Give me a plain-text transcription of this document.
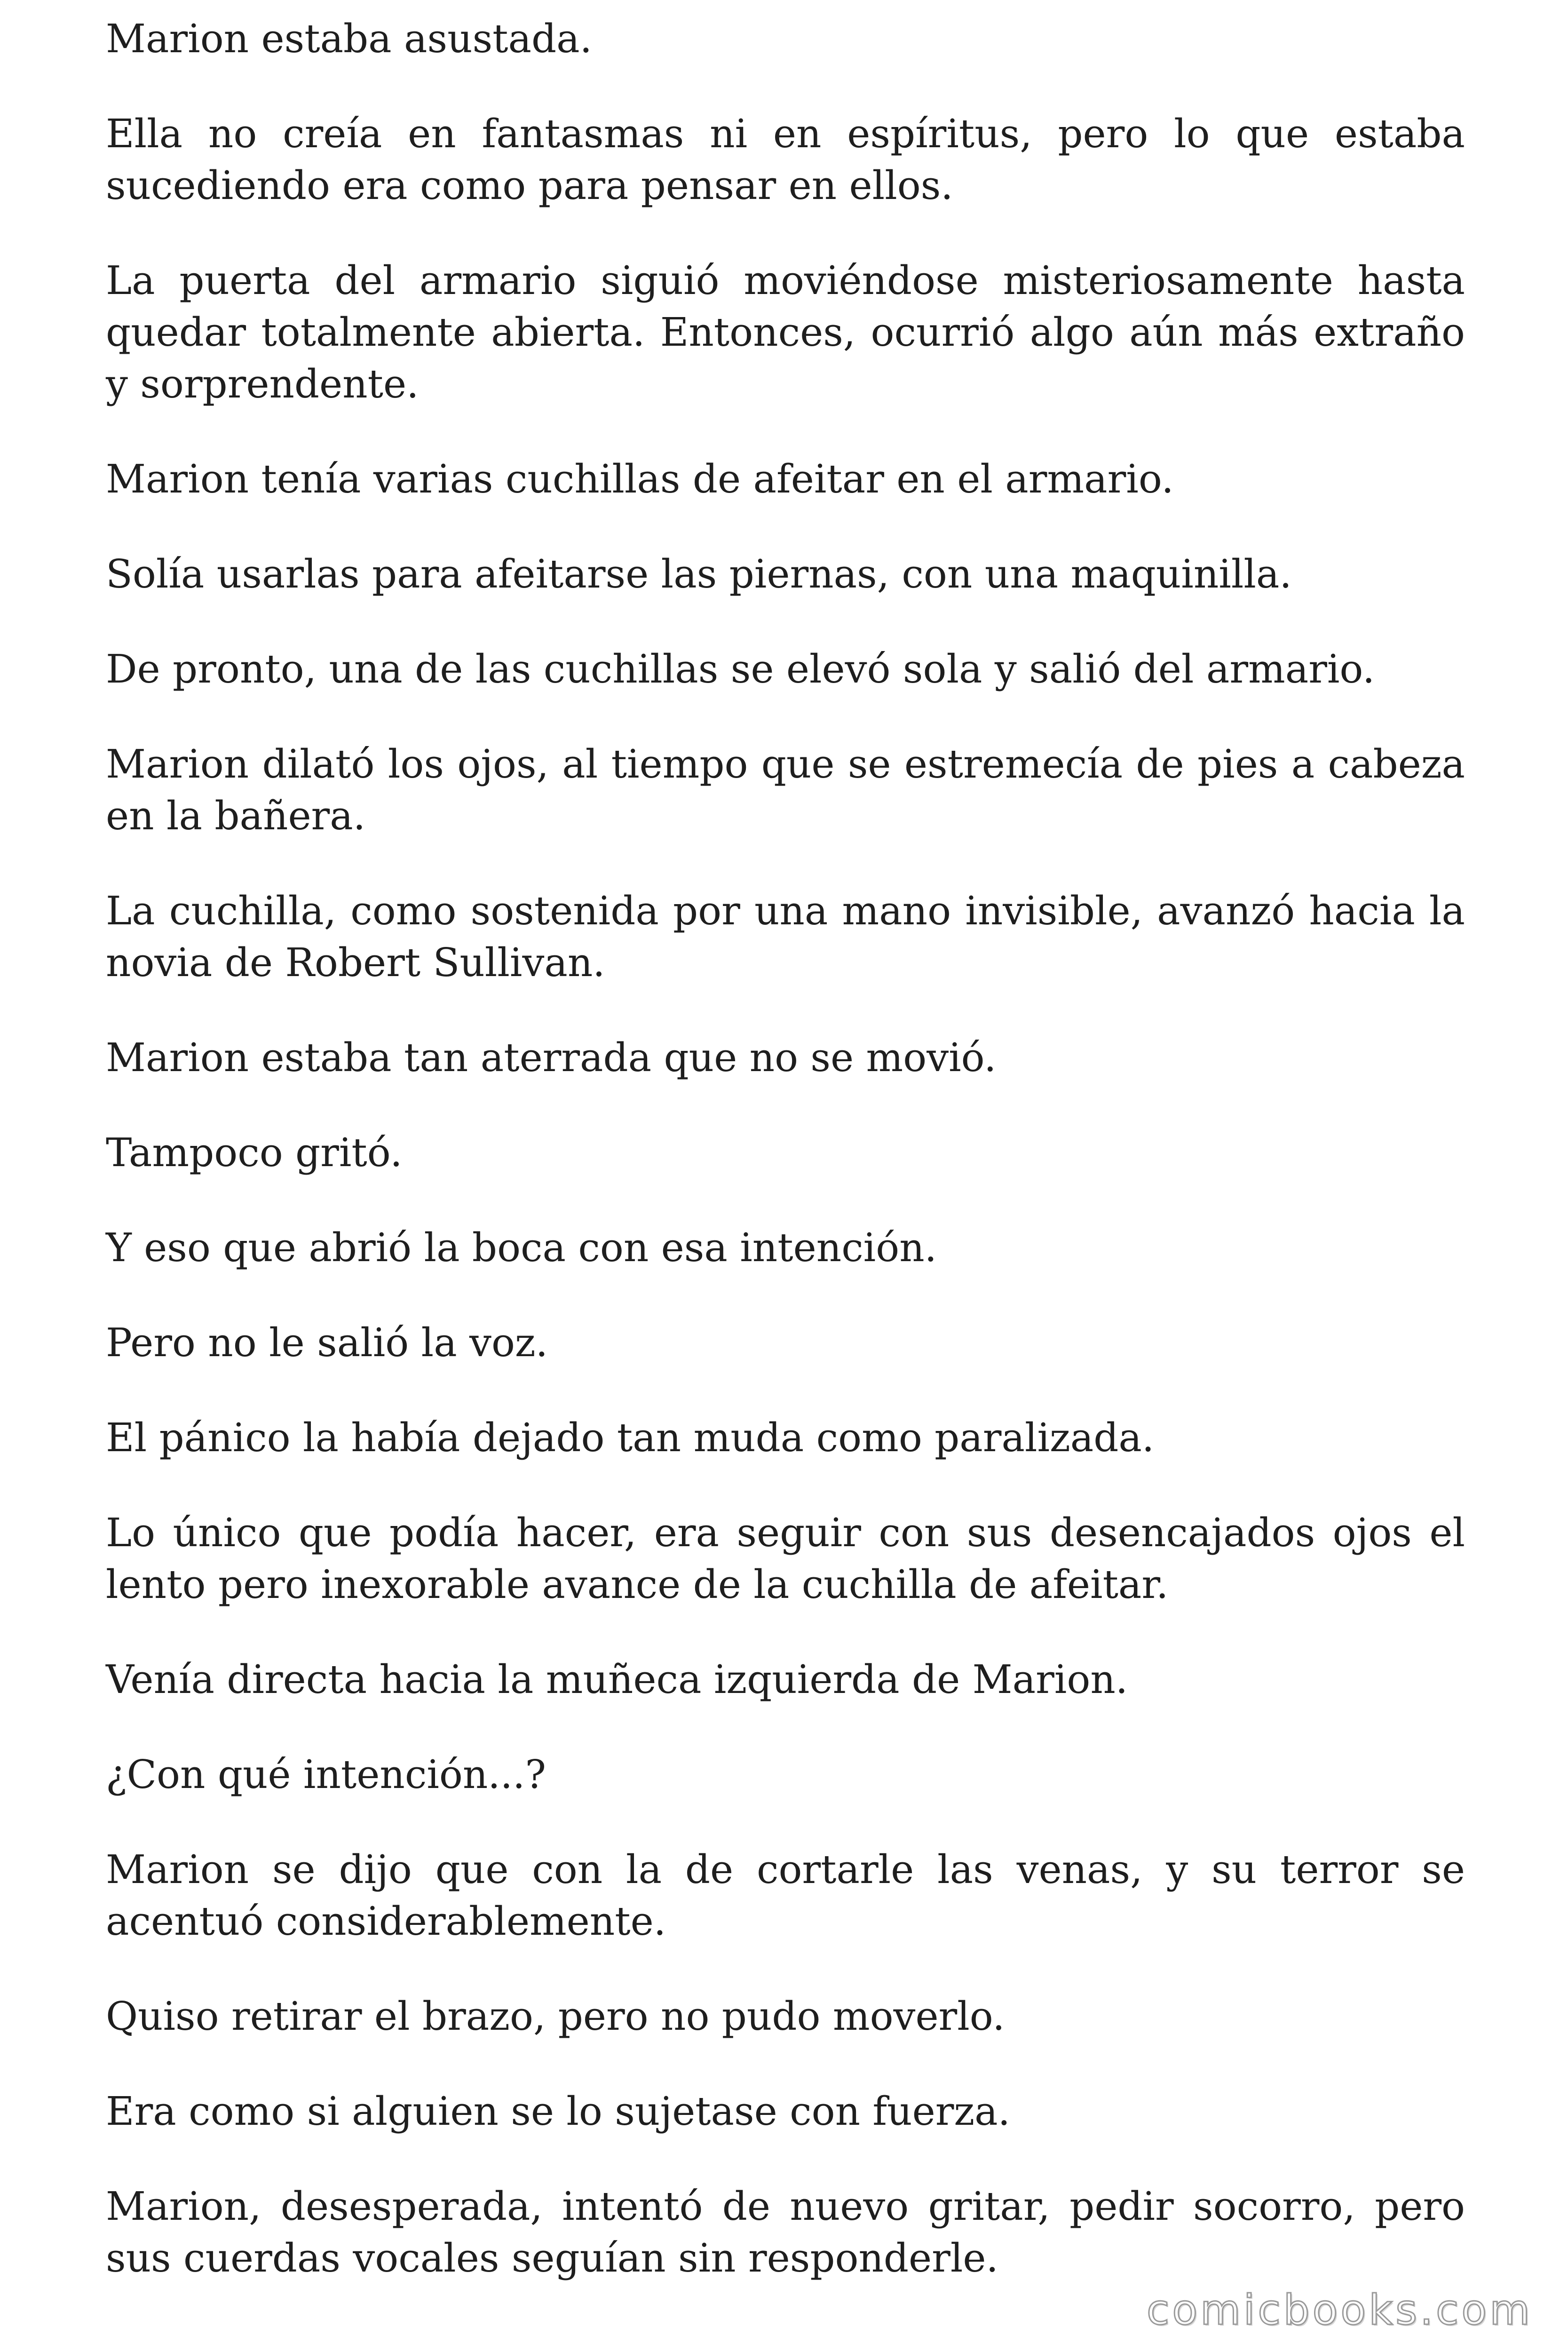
Marion estaba asustada.

Ella no creía en fantasmas ni en espíritus, pero lo que estaba sucediendo era como para pensar en ellos.

La puerta del armario siguió moviéndose misteriosamente hasta quedar totalmente abierta. Entonces, ocurrió algo aún más extraño y sorprendente.

Marion tenía varias cuchillas de afeitar en el armario.

Solía usarlas para afeitarse las piernas, con una maquinilla.

De pronto, una de las cuchillas se elevó sola y salió del armario.

Marion dilató los ojos, al tiempo que se estremecía de pies a cabeza en la bañera.

La cuchilla, como sostenida por una mano invisible, avanzó hacia la novia de Robert Sullivan.

Marion estaba tan aterrada que no se movió.

Tampoco gritó.

Y eso que abrió la boca con esa intención.

Pero no le salió la voz.

El pánico la había dejado tan muda como paralizada.

Lo único que podía hacer, era seguir con sus desencajados ojos el lento pero inexorable avance de la cuchilla de afeitar.

Venía directa hacia la muñeca izquierda de Marion.

¿Con qué intención...?

Marion se dijo que con la de cortarle las venas, y su terror se acentuó considerablemente.

Quiso retirar el brazo, pero no pudo moverlo.

Era como si alguien se lo sujetase con fuerza.

Marion, desesperada, intentó de nuevo gritar, pedir socorro, pero sus cuerdas vocales seguían sin responderle.

comicbooks.com
